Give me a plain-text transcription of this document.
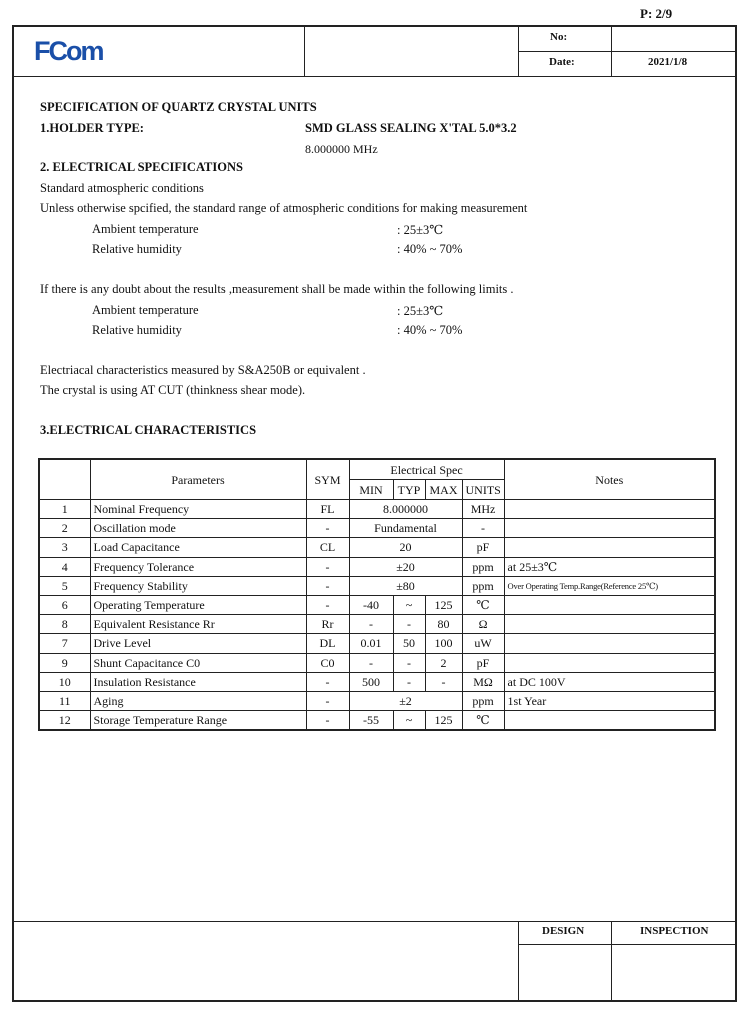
P: 2/9
FCom	No:
Date:	2021/1/8
SPECIFICATION OF QUARTZ CRYSTAL UNITS
1.HOLDER TYPE:	SMD GLASS SEALING X'TAL 5.0*3.2
8.000000 MHz
2. ELECTRICAL SPECIFICATIONS
Standard atmospheric conditions
Unless otherwise spcified, the standard range of atmospheric conditions for making measurement
Ambient temperature	: 25±3℃
Relative humidity	: 40% ~ 70%
If there is any doubt about the results ,measurement shall be made within the following limits .
Ambient temperature	: 25±3℃
Relative humidity	: 40% ~ 70%
Electriacal characteristics measured by S&A250B or equivalent .
The crystal is using AT CUT (thinkness shear mode).
3.ELECTRICAL CHARACTERISTICS
	Parameters	SYM	Electrical Spec				Notes
			MIN	TYP	MAX	UNITS	
1	Nominal Frequency	FL	8.000000			MHz	
2	Oscillation mode	-	Fundamental			-	
3	Load Capacitance	CL	20			pF	
4	Frequency Tolerance	-	±20			ppm	at 25±3℃
5	Frequency Stability	-	±80			ppm	Over Operating Temp.Range(Reference 25℃)
6	Operating Temperature	-	-40	~	125	℃	
8	Equivalent Resistance Rr	Rr	-	-	80	Ω	
7	Drive Level	DL	0.01	50	100	uW	
9	Shunt Capacitance C0	C0	-	-	2	pF	
10	Insulation Resistance	-	500	-	-	MΩ	at DC 100V
11	Aging	-	±2			ppm	1st Year
12	Storage Temperature Range	-	-55	~	125	℃	
DESIGN	INSPECTION
